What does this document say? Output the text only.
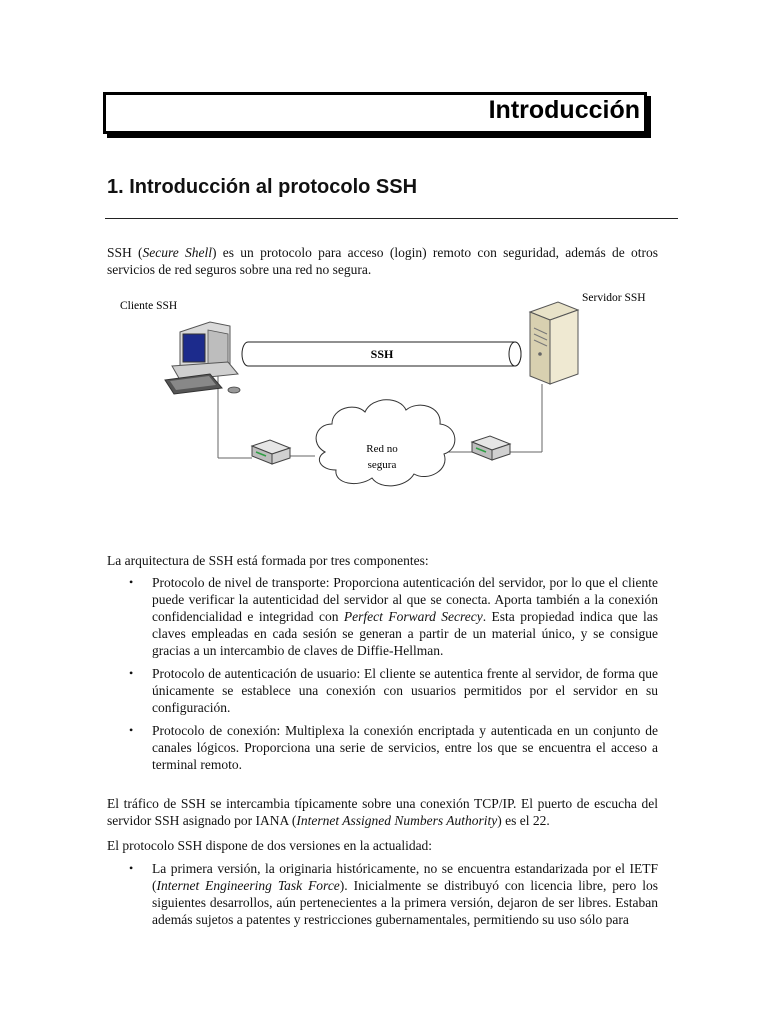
Introducción
1. Introducción al protocolo SSH

SSH (Secure Shell) es un protocolo para acceso (login) remoto con seguridad, además de otros servicios de red seguros sobre una red no segura.

SSH
Cliente SSH
Servidor SSH
Red no
segura

La arquitectura de SSH está formada por tres componentes:

• Protocolo de nivel de transporte: Proporciona autenticación del servidor, por lo que el cliente puede verificar la autenticidad del servidor al que se conecta. Aporta también a la conexión confidencialidad e integridad con Perfect Forward Secrecy. Esta propiedad indica que las claves empleadas en cada sesión se generan a partir de un material único, y se consigue gracias a un intercambio de claves de Diffie-Hellman.
• Protocolo de autenticación de usuario: El cliente se autentica frente al servidor, de forma que únicamente se establece una conexión con usuarios permitidos por el servidor en su configuración.
• Protocolo de conexión: Multiplexa la conexión encriptada y autenticada en un conjunto de canales lógicos. Proporciona una serie de servicios, entre los que se encuentra el acceso a terminal remoto.

El tráfico de SSH se intercambia típicamente sobre una conexión TCP/IP. El puerto de escucha del servidor SSH asignado por IANA (Internet Assigned Numbers Authority) es el 22.

El protocolo SSH dispone de dos versiones en la actualidad:

• La primera versión, la originaria históricamente, no se encuentra estandarizada por el IETF (Internet Engineering Task Force). Inicialmente se distribuyó con licencia libre, pero los siguientes desarrollos, aún pertenecientes a la primera versión, dejaron de ser libres. Estaban además sujetos a patentes y restricciones gubernamentales, permitiendo su uso sólo para
